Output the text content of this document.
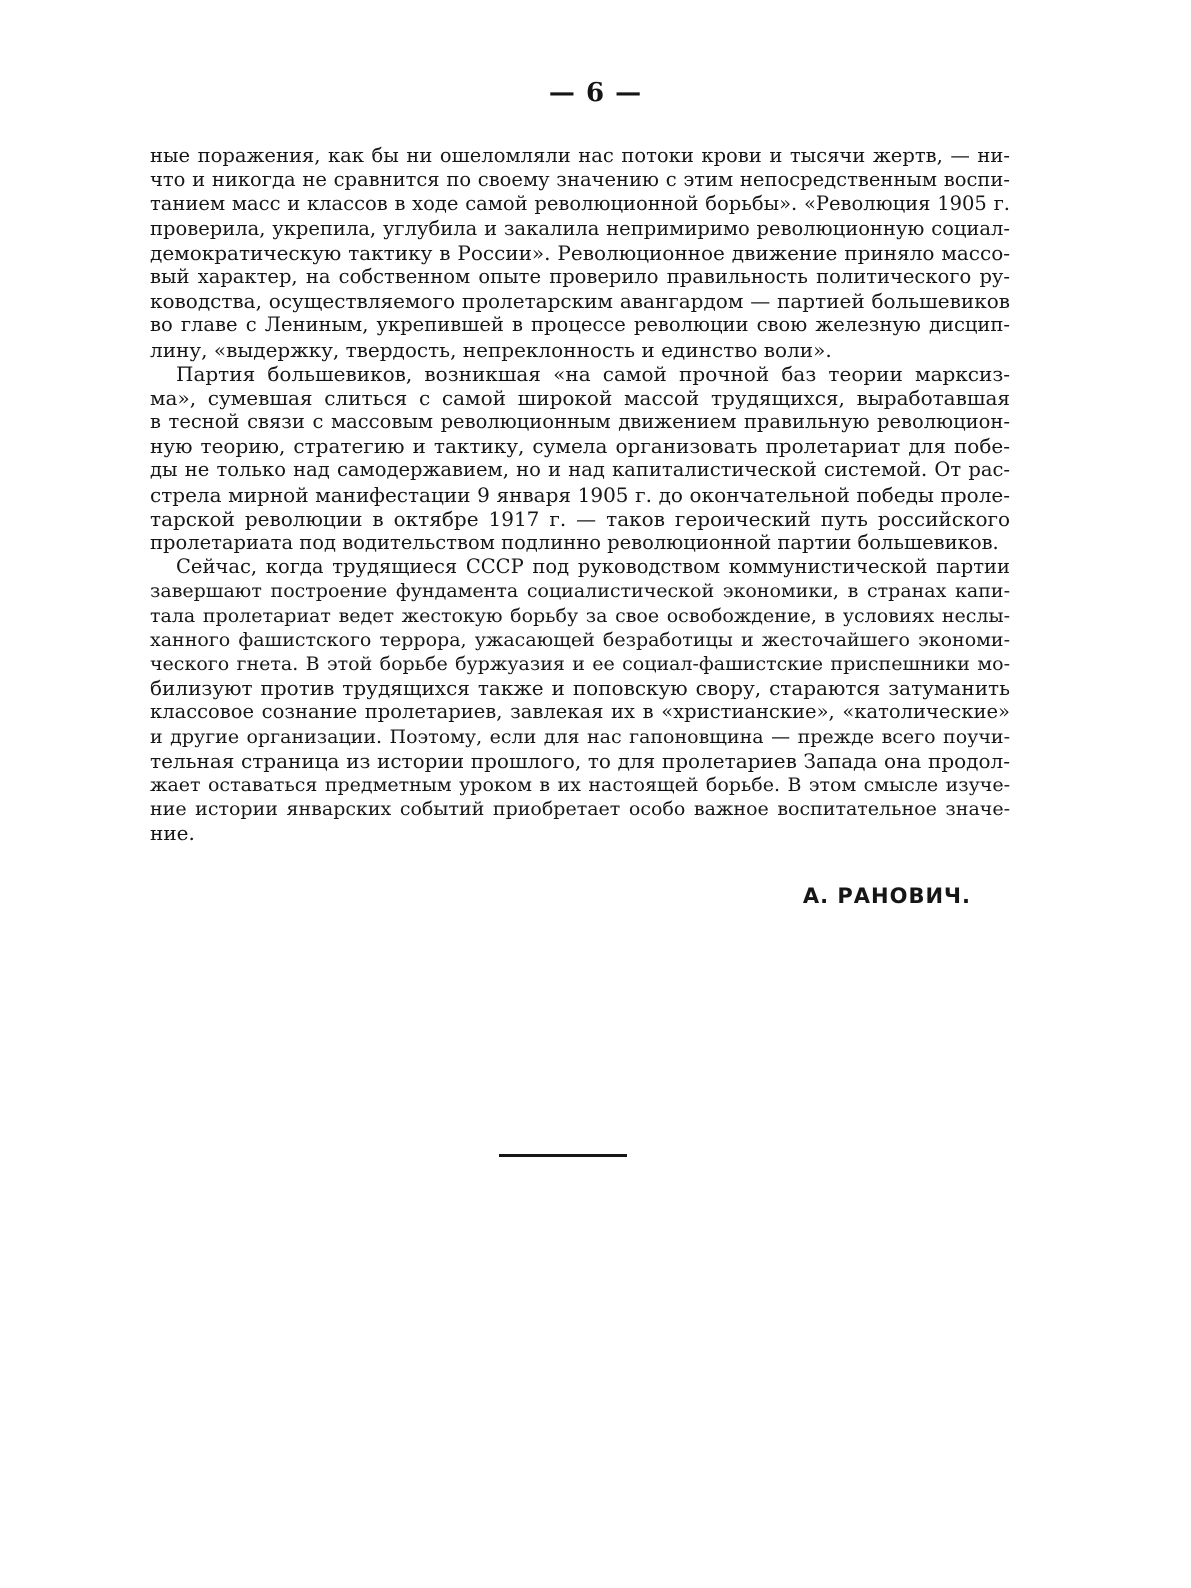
— 6 —
ные поражения, как бы ни ошеломляли нас потоки крови и тысячи жертв, — ни-
что и никогда не сравнится по своему значению с этим непосредственным воспи-
танием масс и классов в ходе самой революционной борьбы». «Революция 1905 г.
проверила, укрепила, углубила и закалила непримиримо революционную социал-
демократическую тактику в России». Революционное движение приняло массо-
вый характер, на собственном опыте проверило правильность политического ру-
ководства, осуществляемого пролетарским авангардом — партией большевиков
во главе с Лениным, укрепившей в процессе революции свою железную дисцип-
лину, «выдержку, твердость, непреклонность и единство воли».
Партия большевиков, возникшая «на самой прочной баз теории марксиз-
ма», сумевшая слиться с самой широкой массой трудящихся, выработавшая
в тесной связи с массовым революционным движением правильную революцион-
ную теорию, стратегию и тактику, сумела организовать пролетариат для побе-
ды не только над самодержавием, но и над капиталистической системой. От рас-
стрела мирной манифестации 9 января 1905 г. до окончательной победы проле-
тарской революции в октябре 1917 г. — таков героический путь российского
пролетариата под водительством подлинно революционной партии большевиков.
Сейчас, когда трудящиеся СССР под руководством коммунистической партии
завершают построение фундамента социалистической экономики, в странах капи-
тала пролетариат ведет жестокую борьбу за свое освобождение, в условиях неслы-
ханного фашистского террора, ужасающей безработицы и жесточайшего экономи-
ческого гнета. В этой борьбе буржуазия и ее социал-фашистские приспешники мо-
билизуют против трудящихся также и поповскую свору, стараются затуманить
классовое сознание пролетариев, завлекая их в «христианские», «католические»
и другие организации. Поэтому, если для нас гапоновщина — прежде всего поучи-
тельная страница из истории прошлого, то для пролетариев Запада она продол-
жает оставаться предметным уроком в их настоящей борьбе. В этом смысле изуче-
ние истории январских событий приобретает особо важное воспитательное значе-
ние.
А. РАНОВИЧ.
